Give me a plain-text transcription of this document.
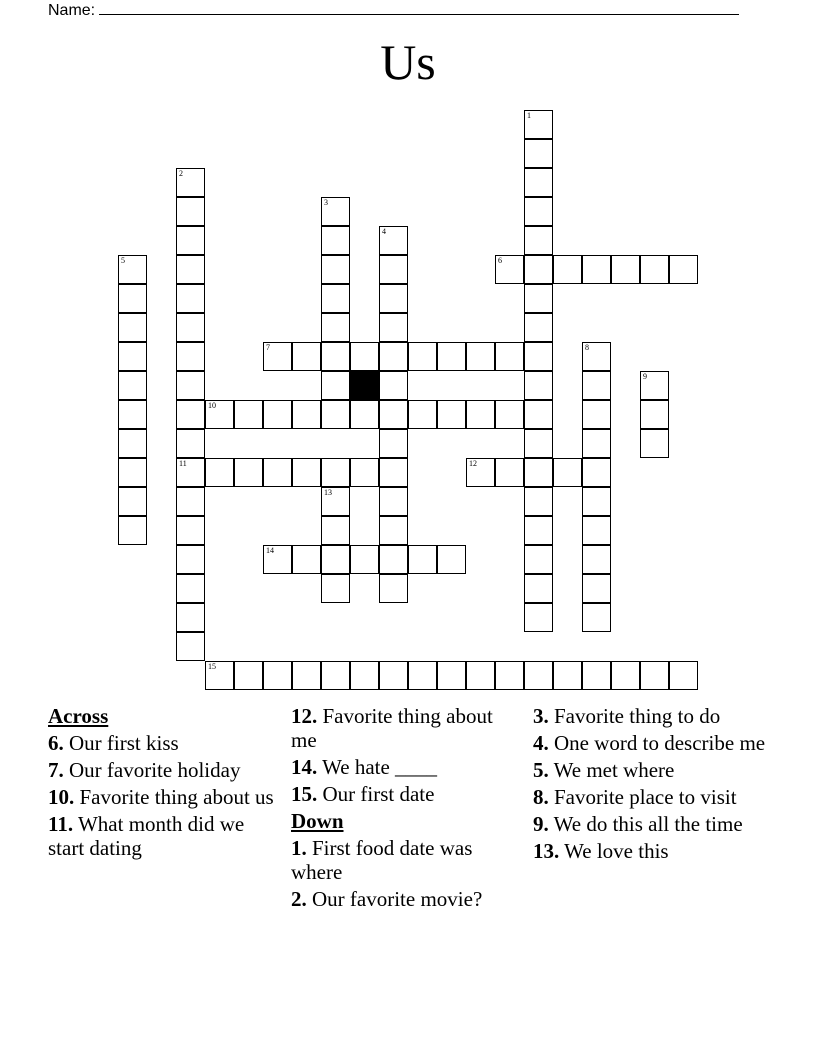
Name:
Us
1
2
11
3
4
5	6
7	8
9
10
12
13
14
15
Across
6. Our first kiss
7. Our favorite holiday
10. Favorite thing about us
11. What month did we start dating
12. Favorite thing about me
14. We hate ____
15. Our first date
Down
1. First food date was where
2. Our favorite movie?
3. Favorite thing to do
4. One word to describe me
5. We met where
8. Favorite place to visit
9. We do this all the time
13. We love this
